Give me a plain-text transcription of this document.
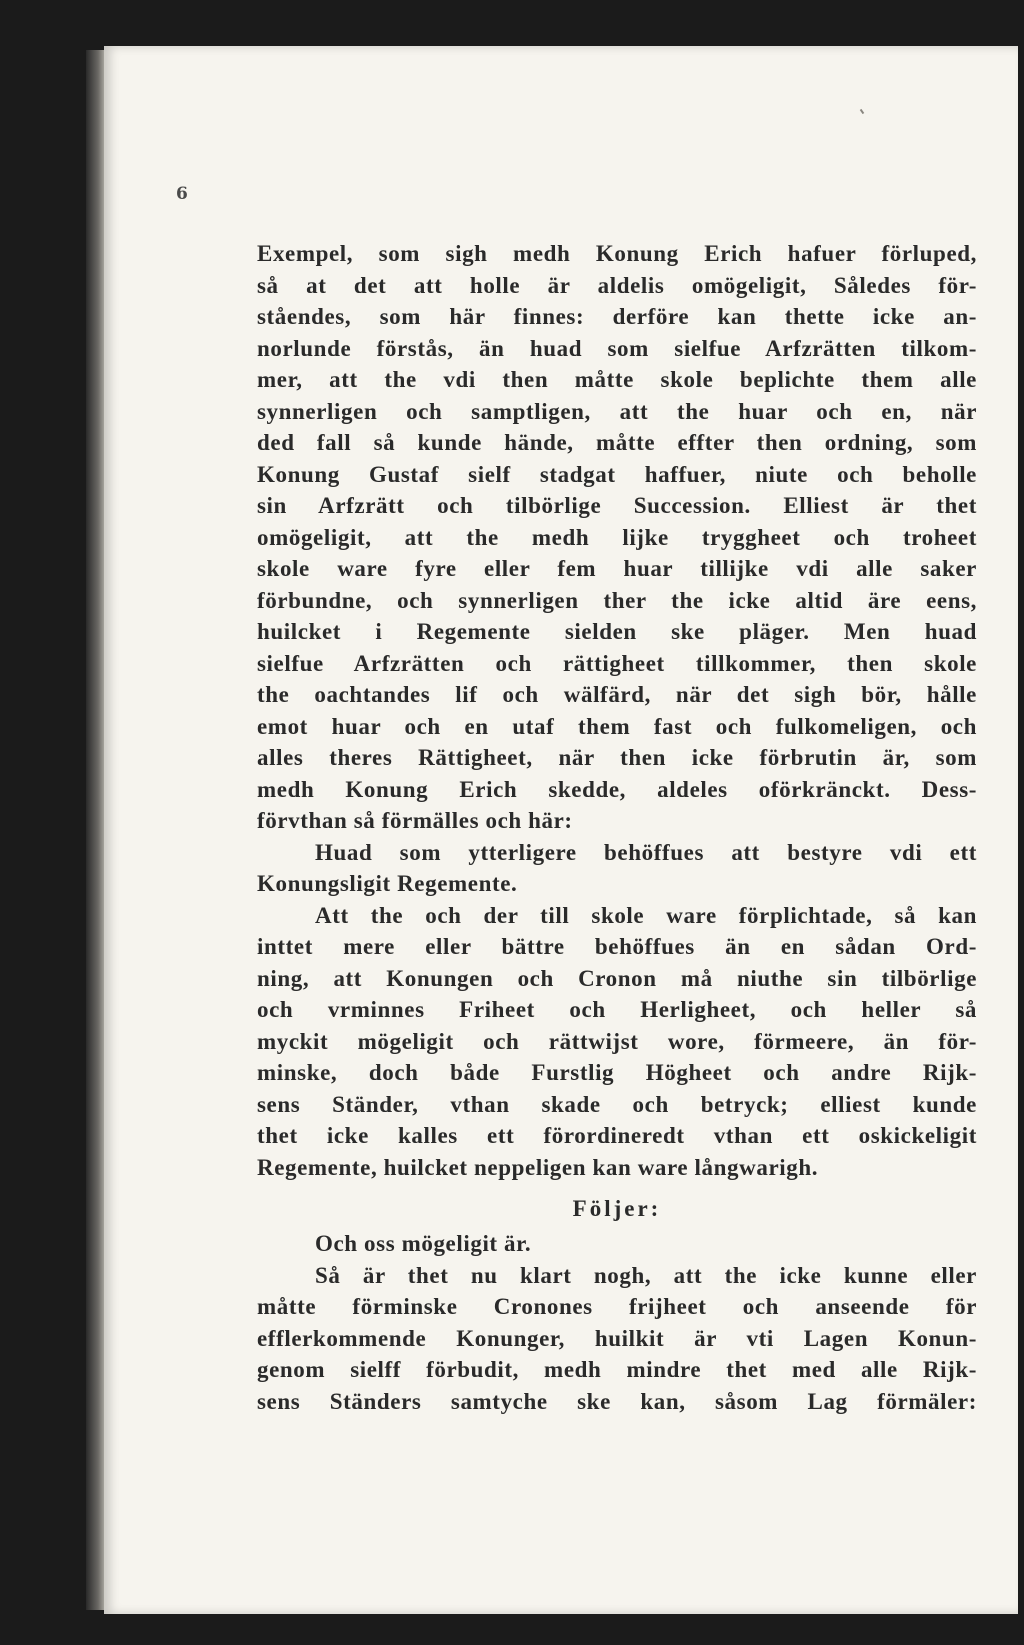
6
Exempel, som sigh medh Konung Erich hafuer förluped,
så at det att holle är aldelis omögeligit, Således för-
ståendes, som här finnes: derföre kan thette icke an-
norlunde förstås, än huad som sielfue Arfzrätten tilkom-
mer, att the vdi then måtte skole beplichte them alle
synnerligen och samptligen, att the huar och en, när
ded fall så kunde hände, måtte effter then ordning, som
Konung Gustaf sielf stadgat haffuer, niute och beholle
sin Arfzrätt och tilbörlige Succession. Elliest är thet
omögeligit, att the medh lijke tryggheet och troheet
skole ware fyre eller fem huar tillijke vdi alle saker
förbundne, och synnerligen ther the icke altid äre eens,
huilcket i Regemente sielden ske pläger. Men huad
sielfue Arfzrätten och rättigheet tillkommer, then skole
the oachtandes lif och wälfärd, när det sigh bör, hålle
emot huar och en utaf them fast och fulkomeligen, och
alles theres Rättigheet, när then icke förbrutin är, som
medh Konung Erich skedde, aldeles oförkränckt. Dess-
förvthan så förmälles och här:
Huad som ytterligere behöffues att bestyre vdi ett
Konungsligit Regemente.
Att the och der till skole ware förplichtade, så kan
inttet mere eller bättre behöffues än en sådan Ord-
ning, att Konungen och Cronon må niuthe sin tilbörlige
och vrminnes Friheet och Herligheet, och heller så
myckit mögeligit och rättwijst wore, förmeere, än för-
minske, doch både Furstlig Högheet och andre Rijk-
sens Ständer, vthan skade och betryck; elliest kunde
thet icke kalles ett förordineredt vthan ett oskickeligit
Regemente, huilcket neppeligen kan ware långwarigh.
Följer:
Och oss mögeligit är.
Så är thet nu klart nogh, att the icke kunne eller
måtte förminske Cronones frijheet och anseende för
efflerkommende Konunger, huilkit är vti Lagen Konun-
genom sielff förbudit, medh mindre thet med alle Rijk-
sens Ständers samtyche ske kan, såsom Lag förmäler:
